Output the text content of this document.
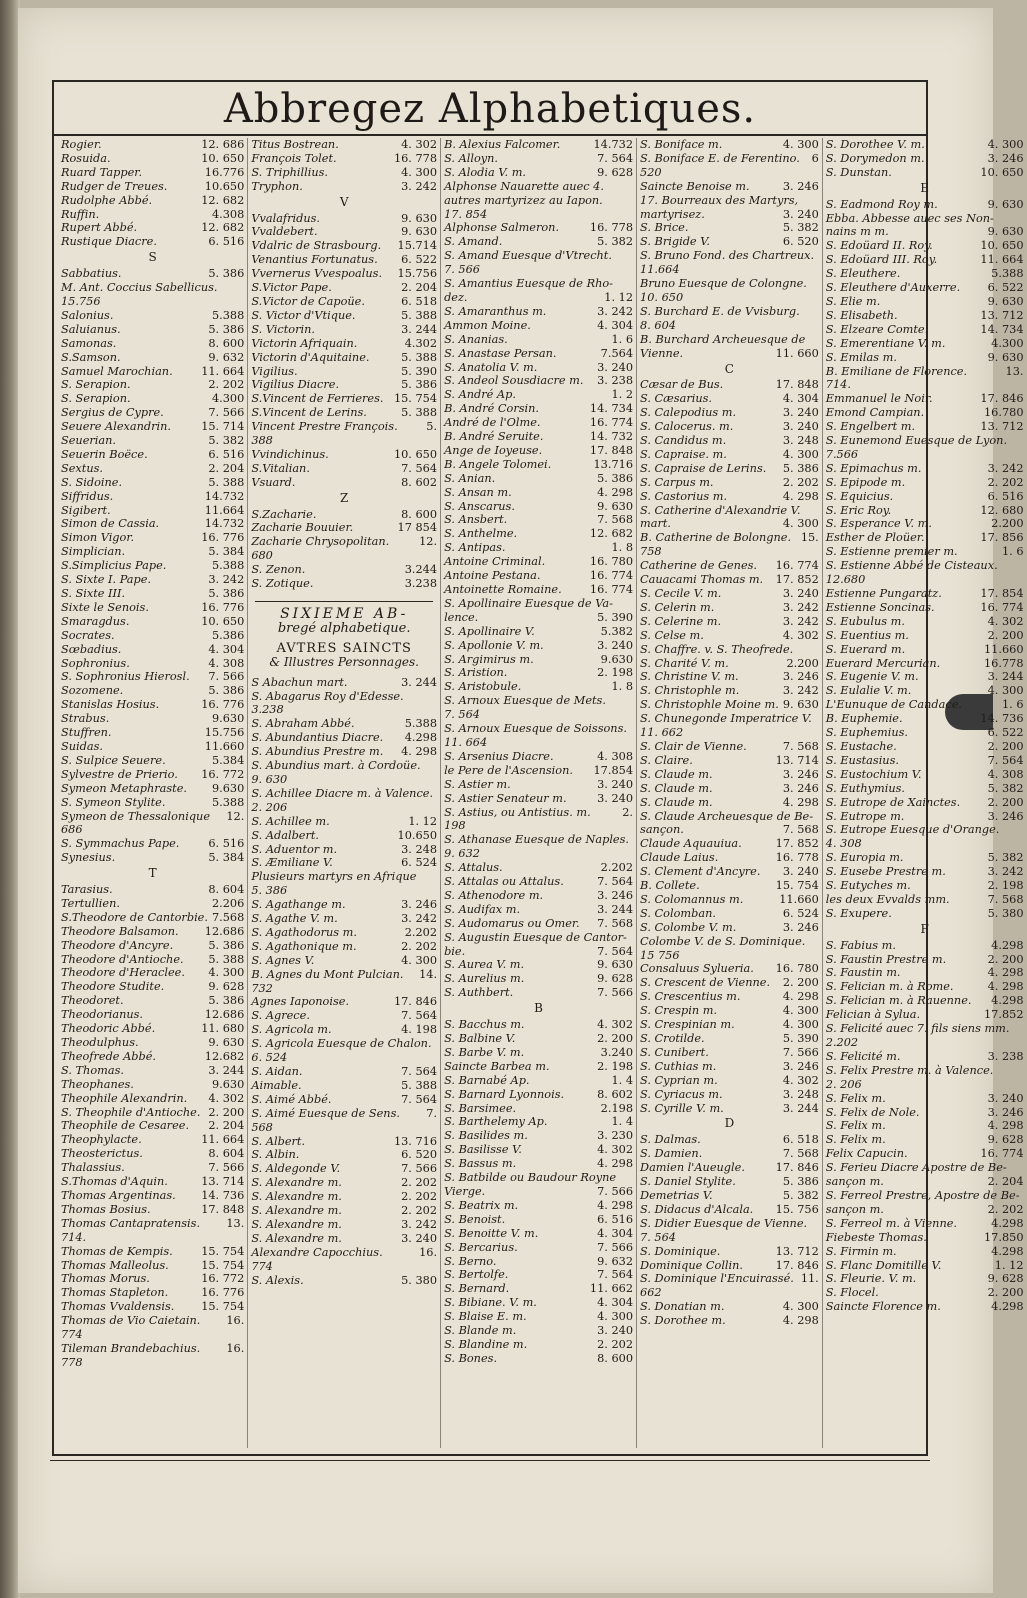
Abbregez Alphabetiques.
Rogier.	12. 686
Rosuida.	10. 650
Ruard Tapper.	16.776
Rudger de Treues.	10.650
Rudolphe Abbé.	12. 682
Ruffin.	4.308
Rupert Abbé.	12. 682
Rustique Diacre.	6. 516
S
Sabbatius.	5. 386
M. Ant. Coccius Sabellicus.
15.756
Salonius.	5.388
Saluianus.	5. 386
Samonas.	8. 600
S.Samson.	9. 632
Samuel Marochian.	11. 664
S. Serapion.	2. 202
S. Serapion.	4.300
Sergius de Cypre.	7. 566
Seuere Alexandrin.	15. 714
Seuerian.	5. 382
Seuerin Boëce.	6. 516
Sextus.	2. 204
S. Sidoine.	5. 388
Siffridus.	14.732
Sigibert.	11.664
Simon de Cassia.	14.732
Simon Vigor.	16. 776
Simplician.	5. 384
S.Simplicius Pape.	5.388
S. Sixte I. Pape.	3. 242
S. Sixte III.	5. 386
Sixte le Senois.	16. 776
Smaragdus.	10. 650
Socrates.	5.386
Sœbadius.	4. 304
Sophronius.	4. 308
S. Sophronius Hierosl.	7. 566
Sozomene.	5. 386
Stanislas Hosius.	16. 776
Strabus.	9.630
Stuffren.	15.756
Suidas.	11.660
S. Sulpice Seuere.	5.384
Sylvestre de Prierio.	16. 772
Symeon Metaphraste.	9.630
S. Symeon Stylite.	5.388
Symeon de Thessalonique	12.
686
S. Symmachus Pape.	6. 516
Synesius.	5. 384
T
Tarasius.	8. 604
Tertullien.	2.206
S.Theodore de Cantorbie. 7.568
Theodore Balsamon.	12.686
Theodore d'Ancyre.	5. 386
Theodore d'Antioche.	5. 388
Theodore d'Heraclee.	4. 300
Theodore Studite.	9. 628
Theodoret.	5. 386
Theodorianus.	12.686
Theodoric Abbé.	11. 680
Theodulphus.	9. 630
Theofrede Abbé.	12.682
S. Thomas.	3. 244
Theophanes.	9.630
Theophile Alexandrin.	4. 302
S. Theophile d'Antioche. 2. 200
Theophile de Cesaree.	2. 204
Theophylacte.	11. 664
Theosterictus.	8. 604
Thalassius.	7. 566
S.Thomas d'Aquin.	13. 714
Thomas Argentinas.	14. 736
Thomas Bosius.	17. 848
Thomas Cantapratensis.	13.
714.
Thomas de Kempis.	15. 754
Thomas Malleolus.	15. 754
Thomas Morus.	16. 772
Thomas Stapleton.	16. 776
Thomas Vvaldensis.	15. 754
Thomas de Vio Caietain.	16.
774
Tileman Brandebachius.	16.
778
Titus Bostrean.	4. 302
François Tolet.	16. 778
S. Triphillius.	4. 300
Tryphon.	3. 242
V
Vvalafridus.	9. 630
Vvaldebert.	9. 630
Vdalric de Strasbourg.	15.714
Venantius Fortunatus.	6. 522
Vvernerus Vvespoalus.	15.756
S.Victor Pape.	2. 204
S.Victor de Capoüe.	6. 518
S. Victor d'Vtique.	5. 388
S. Victorin.	3. 244
Victorin Afriquain.	4.302
Victorin d'Aquitaine.	5. 388
Vigilius.	5. 390
Vigilius Diacre.	5. 386
S.Vincent de Ferrieres. 15. 754
S.Vincent de Lerins.	5. 388
Vincent Prestre François.	5.
388
Vvindichinus.	10. 650
S.Vitalian.	7. 564
Vsuard.	8. 602
Z
S.Zacharie.	8. 600
Zacharie Bouuier.	17 854
Zacharie Chrysopolitan.	12.
680
S. Zenon.	3.244
S. Zotique.	3.238
SIXIEME AB-
bregé alphabetique.
AVTRES SAINCTS
& Illustres Personnages.
S Abachun mart.	3. 244
S. Abagarus Roy d'Edesse.
3.238
S. Abraham Abbé.	5.388
S. Abundantius Diacre.	4.298
S. Abundius Prestre m.	4. 298
S. Abundius mart. à Cordoüe.
9. 630
S. Achillee Diacre m. à Valence.
2. 206
S. Achillee m.	1. 12
S. Adalbert.	10.650
S. Aduentor m.	3. 248
S. Æmiliane V.	6. 524
Plusieurs martyrs en Afrique
5. 386
S. Agathange m.	3. 246
S. Agathe V. m.	3. 242
S. Agathodorus m.	2.202
S. Agathonique m.	2. 202
S. Agnes V.	4. 300
B. Agnes du Mont Pulcian.	14.
732
Agnes Iaponoise.	17. 846
S. Agrece.	7. 564
S. Agricola m.	4. 198
S. Agricola Euesque de Chalon.
6. 524
S. Aidan.	7. 564
Aimable.	5. 388
S. Aimé Abbé.	7. 564
S. Aimé Euesque de Sens.	7.
568
S. Albert.	13. 716
S. Albin.	6. 520
S. Aldegonde V.	7. 566
S. Alexandre m.	2. 202
S. Alexandre m.	2. 202
S. Alexandre m.	2. 202
S. Alexandre m.	3. 242
S. Alexandre m.	3. 240
Alexandre Capocchius.	16.
774
S. Alexis.	5. 380
B. Alexius Falcomer.	14.732
S. Alloyn.	7. 564
S. Alodia V. m.	9. 628
Alphonse Nauarette auec 4.
autres martyrizez au Iapon.
17. 854
Alphonse Salmeron.	16. 778
S. Amand.	5. 382
S. Amand Euesque d'Vtrecht.
7. 566
S. Amantius Euesque de Rho-
dez.	1. 12
S. Amaranthus m.	3. 242
Ammon Moine.	4. 304
S. Ananias.	1. 6
S. Anastase Persan.	7.564
S. Anatolia V. m.	3. 240
S. Andeol Sousdiacre m.	3. 238
S. André Ap.	1. 2
B. André Corsin.	14. 734
André de l'Olme.	16. 774
B. André Seruite.	14. 732
Ange de Ioyeuse.	17. 848
B. Angele Tolomei.	13.716
S. Anian.	5. 386
S. Ansan m.	4. 298
S. Anscarus.	9. 630
S. Ansbert.	7. 568
S. Anthelme.	12. 682
S. Antipas.	1. 8
Antoine Criminal.	16. 780
Antoine Pestana.	16. 774
Antoinette Romaine.	16. 774
S. Apollinaire Euesque de Va-
lence.	5. 390
S. Apollinaire V.	5.382
S. Apollonie V. m.	3. 240
S. Argimirus m.	9.630
S. Aristion.	2. 198
S. Aristobule.	1. 8
S. Arnoux Euesque de Mets.
7. 564
S. Arnoux Euesque de Soissons.
11. 664
S. Arsenius Diacre.	4. 308
le Pere de l'Ascension.	17.854
S. Astier m.	3. 240
S. Astier Senateur m.	3. 240
S. Astius, ou Antistius. m.	2.
198
S. Athanase Euesque de Naples.
9. 632
S. Attalus.	2.202
S. Attalas ou Attalus.	7. 564
S. Athenodore m.	3. 246
S. Audifax m.	3. 244
S. Audomarus ou Omer.	7. 568
S. Augustin Euesque de Cantor-
bie.	7. 564
S. Aurea V. m.	9. 630
S. Aurelius m.	9. 628
S. Authbert.	7. 566
B
S. Bacchus m.	4. 302
S. Balbine V.	2. 200
S. Barbe V. m.	3.240
Saincte Barbea m.	2. 198
S. Barnabé Ap.	1. 4
S. Barnard Lyonnois.	8. 602
S. Barsimee.	2.198
S. Barthelemy Ap.	1. 4
S. Basilides m.	3. 230
S. Basilisse V.	4. 302
S. Bassus m.	4. 298
S. Batbilde ou Baudour Royne
Vierge.	7. 566
S. Beatrix m.	4. 298
S. Benoist.	6. 516
S. Benoitte V. m.	4. 304
S. Bercarius.	7. 566
S. Berno.	9. 632
S. Bertolfe.	7. 564
S. Bernard.	11. 662
S. Bibiane. V. m.	4. 304
S. Blaise E. m.	4. 300
S. Blande m.	3. 240
S. Blandine m.	2. 202
S. Bones.	8. 600
S. Boniface m.	4. 300
S. Boniface E. de Ferentino.	6
520
Saincte Benoise m.	3. 246
17. Bourreaux des Martyrs,
martyrisez.	3. 240
S. Brice.	5. 382
S. Brigide V.	6. 520
S. Bruno Fond. des Chartreux.
11.664
Bruno Euesque de Colongne.
10. 650
S. Burchard E. de Vvisburg.
8. 604
B. Burchard Archeuesque de
Vienne.	11. 660
C
Cæsar de Bus.	17. 848
S. Cæsarius.	4. 304
S. Calepodius m.	3. 240
S. Calocerus. m.	3. 240
S. Candidus m.	3. 248
S. Capraise. m.	4. 300
S. Capraise de Lerins.	5. 386
S. Carpus m.	2. 202
S. Castorius m.	4. 298
S. Catherine d'Alexandrie V.
mart.	4. 300
B. Catherine de Bolongne. 15.
758
Catherine de Genes.	16. 774
Cauacami Thomas m.	17. 852
S. Cecile V. m.	3. 240
S. Celerin m.	3. 242
S. Celerine m.	3. 242
S. Celse m.	4. 302
S. Chaffre. v. S. Theofrede.
S. Charité V. m.	2.200
S. Christine V. m.	3. 246
S. Christophle m.	3. 242
S. Christophle Moine m. 9. 630
S. Chunegonde Imperatrice V.
11. 662
S. Clair de Vienne.	7. 568
S. Claire.	13. 714
S. Claude m.	3. 246
S. Claude m.	3. 246
S. Claude m.	4. 298
S. Claude Archeuesque de Be-
sançon.	7. 568
Claude Aquauiua.	17. 852
Claude Laius.	16. 778
S. Clement d'Ancyre.	3. 240
B. Collete.	15. 754
S. Colomannus m.	11.660
S. Colomban.	6. 524
S. Colombe V. m.	3. 246
Colombe V. de S. Dominique.
15 756
Consaluus Sylueria.	16. 780
S. Crescent de Vienne.	2. 200
S. Crescentius m.	4. 298
S. Crespin m.	4. 300
S. Crespinian m.	4. 300
S. Crotilde.	5. 390
S. Cunibert.	7. 566
S. Cuthias m.	3. 246
S. Cyprian m.	4. 302
S. Cyriacus m.	3. 248
S. Cyrille V. m.	3. 244
D
S. Dalmas.	6. 518
S. Damien.	7. 568
Damien l'Aueugle.	17. 846
S. Daniel Stylite.	5. 386
Demetrias V.	5. 382
S. Didacus d'Alcala.	15. 756
S. Didier Euesque de Vienne.
7. 564
S. Dominique.	13. 712
Dominique Collin.	17. 846
S. Dominique l'Encuirassé. 11.
662
S. Donatian m.	4. 300
S. Dorothee m.	4. 298
S. Dorothee V. m.	4. 300
S. Dorymedon m.	3. 246
S. Dunstan.	10. 650
E
S. Eadmond Roy m.	9. 630
Ebba. Abbesse auec ses Non-
nains m m.	9. 630
S. Edoüard II. Roy.	10. 650
S. Edoüard III. Roy.	11. 664
S. Eleuthere.	5.388
S. Eleuthere d'Auxerre.	6. 522
S. Elie m.	9. 630
S. Elisabeth.	13. 712
S. Elzeare Comte.	14. 734
S. Emerentiane V. m.	4.300
S. Emilas m.	9. 630
B. Emiliane de Florence.	13.
714.
Emmanuel le Noir.	17. 846
Emond Campian.	16.780
S. Engelbert m.	13. 712
S. Eunemond Euesque de Lyon.
7.566
S. Epimachus m.	3. 242
S. Epipode m.	2. 202
S. Equicius.	6. 516
S. Eric Roy.	12. 680
S. Esperance V. m.	2.200
Esther de Ploüer.	17. 856
S. Estienne premier m.	1. 6
S. Estienne Abbé de Cisteaux.
12.680
Estienne Pungaratz.	17. 854
Estienne Soncinas.	16. 774
S. Eubulus m.	4. 302
S. Euentius m.	2. 200
S. Euerard m.	11.660
Euerard Mercurian.	16.778
S. Eugenie V. m.	3. 244
S. Eulalie V. m.	4. 300
L'Eunuque de Candace.	1. 6
B. Euphemie.	14. 736
S. Euphemius.	6. 522
S. Eustache.	2. 200
S. Eustasius.	7. 564
S. Eustochium V.	4. 308
S. Euthymius.	5. 382
S. Eutrope de Xainctes.	2. 200
S. Eutrope m.	3. 246
S. Eutrope Euesque d'Orange.
4. 308
S. Europia m.	5. 382
S. Eusebe Prestre m.	3. 242
S. Eutyches m.	2. 198
les deux Evvalds mm.	7. 568
S. Exupere.	5. 380
F
S. Fabius m.	4.298
S. Faustin Prestre m.	2. 200
S. Faustin m.	4. 298
S. Felician m. à Rome.	4. 298
S. Felician m. à Rauenne.	4.298
Felician à Sylua.	17.852
S. Felicité auec 7. fils siens mm.
2.202
S. Felicité m.	3. 238
S. Felix Prestre m. à Valence.
2. 206
S. Felix m.	3. 240
S. Felix de Nole.	3. 246
S. Felix m.	4. 298
S. Felix m.	9. 628
Felix Capucin.	16. 774
S. Ferieu Diacre Apostre de Be-
sançon m.	2. 204
S. Ferreol Prestre, Apostre de Be-
sançon m.	2. 202
S. Ferreol m. à Vienne.	4.298
Fiebeste Thomas.	17.850
S. Firmin m.	4.298
S. Flanc Domitille V.	1. 12
S. Fleurie. V. m.	9. 628
S. Flocel.	2. 200
Saincte Florence m.	4.298
